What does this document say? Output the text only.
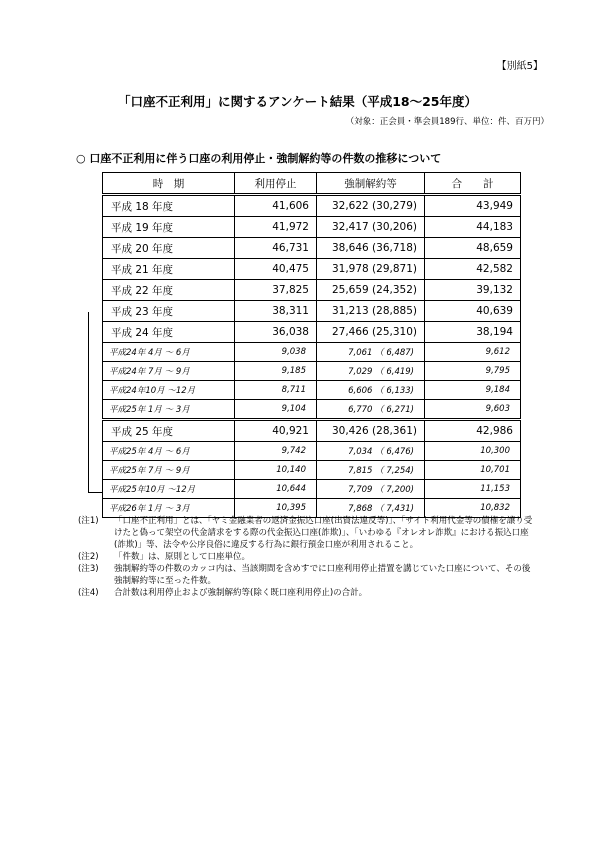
【別紙5】
「口座不正利用」に関するアンケート結果（平成18～25年度）
（対象：正会員・準会員189行、単位：件、百万円）
○ 口座不正利用に伴う口座の利用停止・強制解約等の件数の推移について
時　期	利用停止	強制解約等	合　　計
平成 18 年度	41,606	32,622 (30,279)	43,949
平成 19 年度	41,972	32,417 (30,206)	44,183
平成 20 年度	46,731	38,646 (36,718)	48,659
平成 21 年度	40,475	31,978 (29,871)	42,582
平成 22 年度	37,825	25,659 (24,352)	39,132
平成 23 年度	38,311	31,213 (28,885)	40,639
平成 24 年度	36,038	27,466 (25,310)	38,194
平成24年 4月 ～ 6月	9,038	7,061 （ 6,487)	9,612
平成24年 7月 ～ 9月	9,185	7,029 （ 6,419)	9,795
平成24年10月 ～12月	8,711	6,606 （ 6,133)	9,184
平成25年 1月 ～ 3月	9,104	6,770 （ 6,271)	9,603
平成 25 年度	40,921	30,426 (28,361)	42,986
平成25年 4月 ～ 6月	9,742	7,034 （ 6,476)	10,300
平成25年 7月 ～ 9月	10,140	7,815 （ 7,254)	10,701
平成25年10月 ～12月	10,644	7,709 （ 7,200)	11,153
平成26年 1月 ～ 3月	10,395	7,868 （ 7,431)	10,832
(注1)	「口座不正利用」とは、「ヤミ金融業者の返済金振込口座(出資法違反等)」、「サイト利用代金等の債権を譲り受けたと偽って架空の代金請求をする際の代金振込口座(詐欺)」、「いわゆる『オレオレ詐欺』における振込口座(詐欺)」等、法令や公序良俗に違反する行為に銀行預金口座が利用されること。
(注2)	「件数」は、原則として口座単位。
(注3)	強制解約等の件数のカッコ内は、当該期間を含めすでに口座利用停止措置を講じていた口座について、その後強制解約等に至った件数。
(注4)	合計数は利用停止および強制解約等(除く既口座利用停止)の合計。
